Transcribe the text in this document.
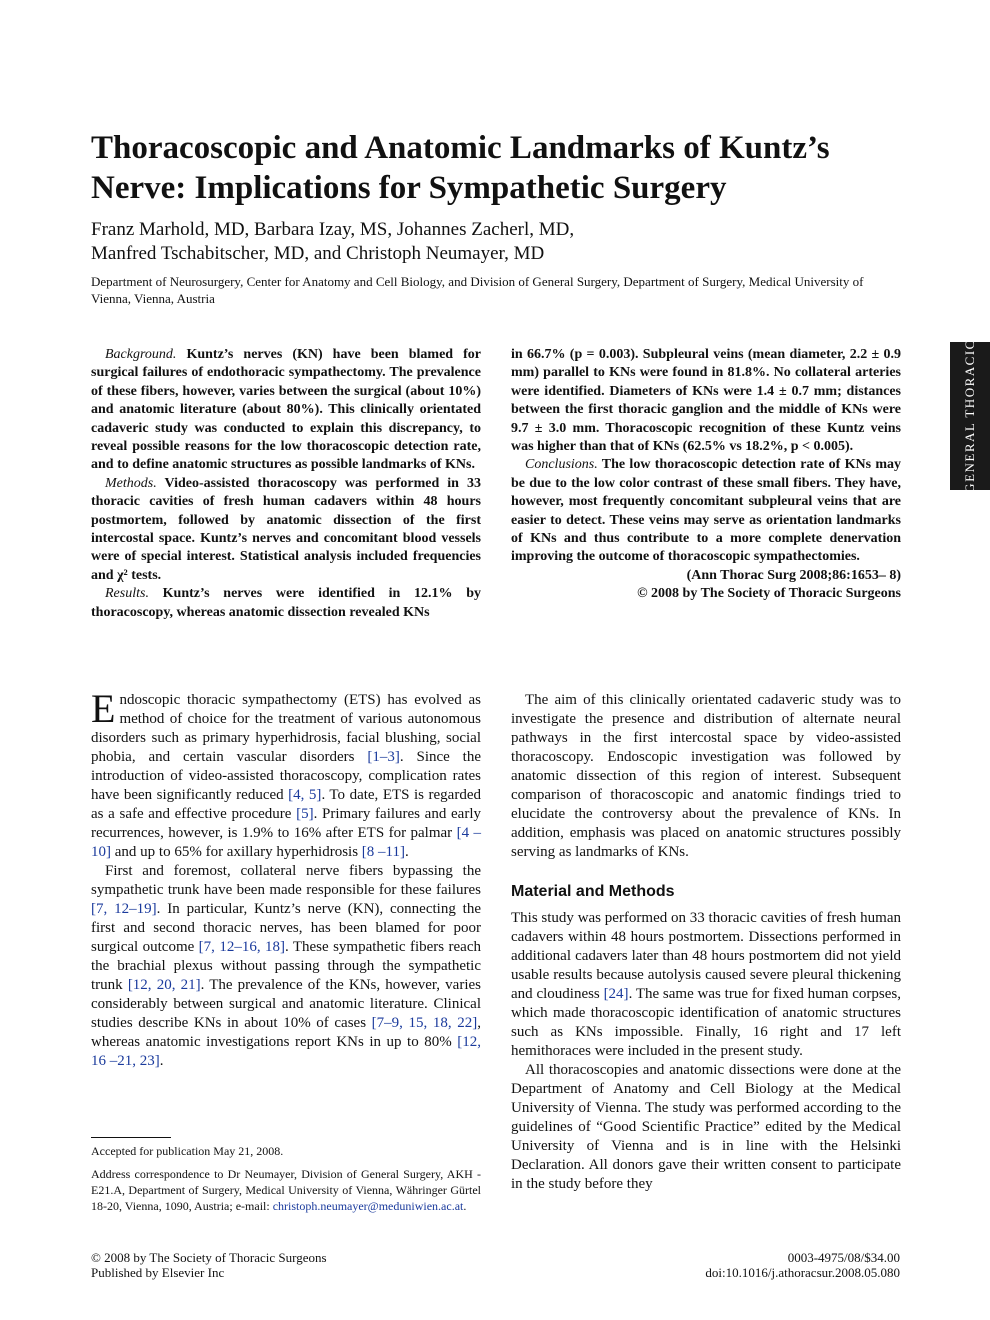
Thoracoscopic and Anatomic Landmarks of Kuntz’s Nerve: Implications for Sympathetic Surgery
Franz Marhold, MD, Barbara Izay, MS, Johannes Zacherl, MD,
Manfred Tschabitscher, MD, and Christoph Neumayer, MD
Department of Neurosurgery, Center for Anatomy and Cell Biology, and Division of General Surgery, Department of Surgery, Medical University of Vienna, Vienna, Austria
GENERAL THORACIC

Background. Kuntz’s nerves (KN) have been blamed for surgical failures of endothoracic sympathectomy. The prevalence of these fibers, however, varies between the surgical (about 10%) and anatomic literature (about 80%). This clinically orientated cadaveric study was conducted to explain this discrepancy, to reveal possible reasons for the low thoracoscopic detection rate, and to define anatomic structures as possible landmarks of KNs.

Methods. Video-assisted thoracoscopy was performed in 33 thoracic cavities of fresh human cadavers within 48 hours postmortem, followed by anatomic dissection of the first intercostal space. Kuntz’s nerves and concomitant blood vessels were of special interest. Statistical analysis included frequencies and χ² tests.

Results. Kuntz’s nerves were identified in 12.1% by thoracoscopy, whereas anatomic dissection revealed KNs

in 66.7% (p = 0.003). Subpleural veins (mean diameter, 2.2 ± 0.9 mm) parallel to KNs were found in 81.8%. No collateral arteries were identified. Diameters of KNs were 1.4 ± 0.7 mm; distances between the first thoracic ganglion and the middle of KNs were 9.7 ± 3.0 mm. Thoracoscopic recognition of these Kuntz veins was higher than that of KNs (62.5% vs 18.2%, p < 0.005).

Conclusions. The low thoracoscopic detection rate of KNs may be due to the low color contrast of these small fibers. They have, however, most frequently concomitant subpleural veins that are easier to detect. These veins may serve as orientation landmarks of KNs and thus contribute to a more complete denervation improving the outcome of thoracoscopic sympathectomies.

(Ann Thorac Surg 2008;86:1653– 8)
© 2008 by The Society of Thoracic Surgeons

Endoscopic thoracic sympathectomy (ETS) has evolved as method of choice for the treatment of various autonomous disorders such as primary hyperhidrosis, facial blushing, social phobia, and certain vascular disorders [1–3]. Since the introduction of video-assisted thoracoscopy, complication rates have been significantly reduced [4, 5]. To date, ETS is regarded as a safe and effective procedure [5]. Primary failures and early recurrences, however, is 1.9% to 16% after ETS for palmar [4 –10] and up to 65% for axillary hyperhidrosis [8 –11].

First and foremost, collateral nerve fibers bypassing the sympathetic trunk have been made responsible for these failures [7, 12–19]. In particular, Kuntz’s nerve (KN), connecting the first and second thoracic nerves, has been blamed for poor surgical outcome [7, 12–16, 18]. These sympathetic fibers reach the brachial plexus without passing through the sympathetic trunk [12, 20, 21]. The prevalence of the KNs, however, varies considerably between surgical and anatomic literature. Clinical studies describe KNs in about 10% of cases [7–9, 15, 18, 22], whereas anatomic investigations report KNs in up to 80% [12, 16 –21, 23].

The aim of this clinically orientated cadaveric study was to investigate the presence and distribution of alternate neural pathways in the first intercostal space by video-assisted thoracoscopy. Endoscopic investigation was followed by anatomic dissection of this region of interest. Subsequent comparison of thoracoscopic and anatomic findings tried to elucidate the controversy about the prevalence of KNs. In addition, emphasis was placed on anatomic structures possibly serving as landmarks of KNs.

Material and Methods

This study was performed on 33 thoracic cavities of fresh human cadavers within 48 hours postmortem. Dissections performed in additional cadavers later than 48 hours postmortem did not yield usable results because autolysis caused severe pleural thickening and cloudiness [24]. The same was true for fixed human corpses, which made thoracoscopic identification of anatomic structures such as KNs impossible. Finally, 16 right and 17 left hemithoraces were included in the present study.

All thoracoscopies and anatomic dissections were done at the Department of Anatomy and Cell Biology at the Medical University of Vienna. The study was performed according to the guidelines of “Good Scientific Practice” edited by the Medical University of Vienna and is in line with the Helsinki Declaration. All donors gave their written consent to participate in the study before they

Accepted for publication May 21, 2008.
Address correspondence to Dr Neumayer, Division of General Surgery, AKH - E21.A, Department of Surgery, Medical University of Vienna, Währinger Gürtel 18-20, Vienna, 1090, Austria; e-mail: christoph.neumayer@meduniwien.ac.at.
© 2008 by The Society of Thoracic Surgeons
Published by Elsevier Inc
0003-4975/08/$34.00
doi:10.1016/j.athoracsur.2008.05.080
